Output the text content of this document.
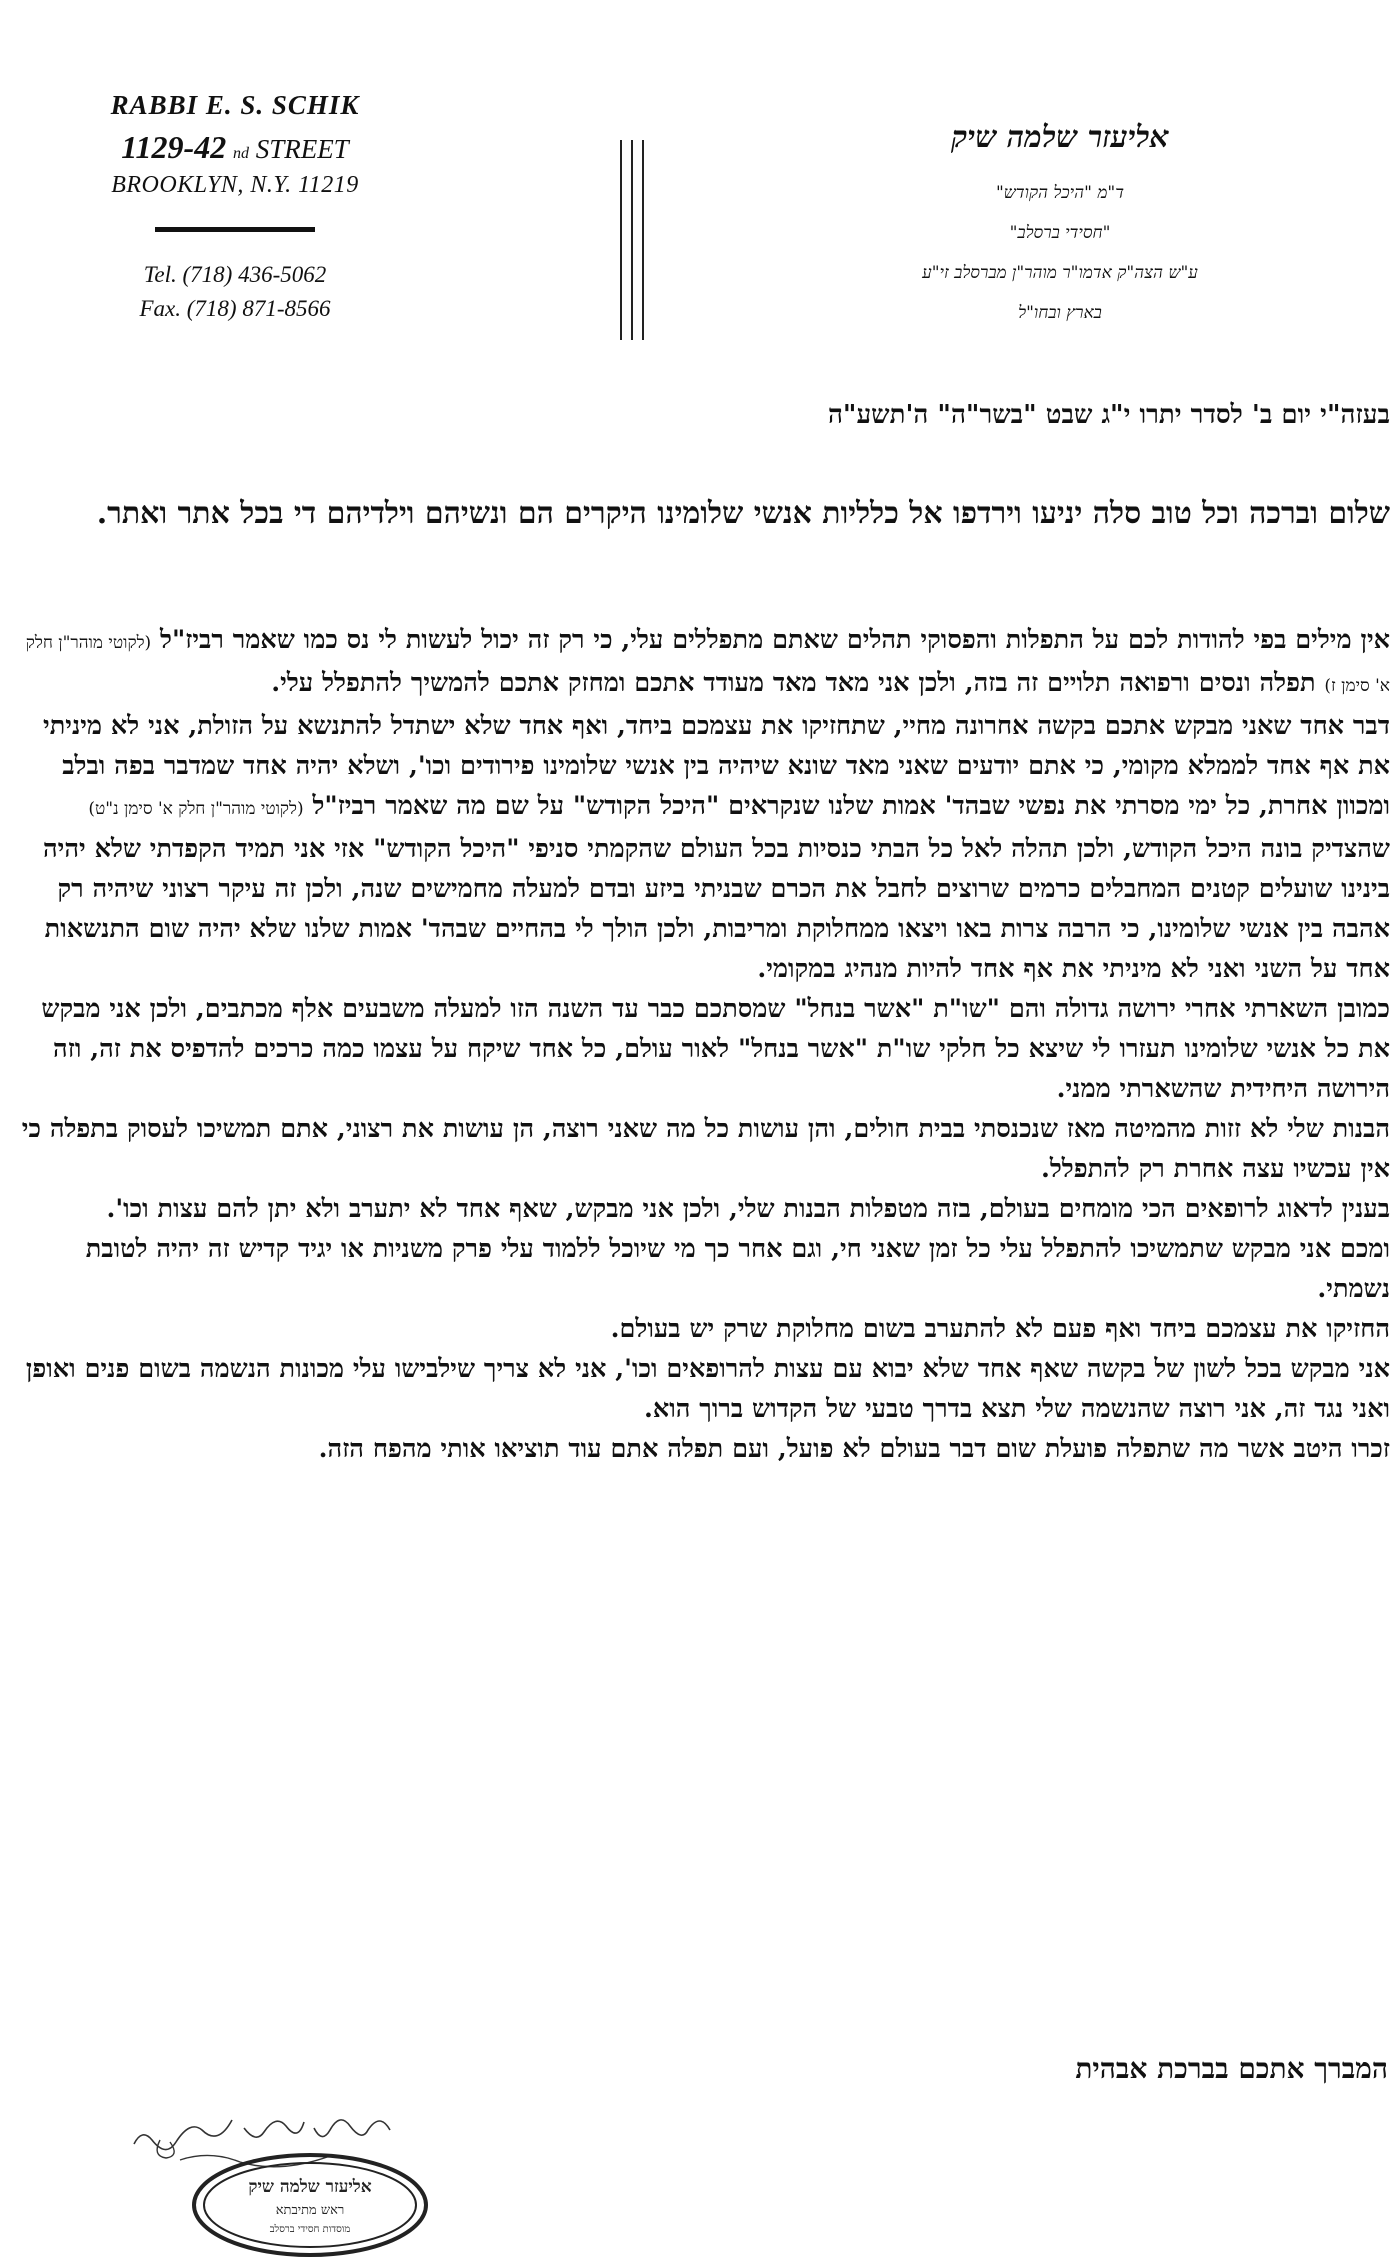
RABBI E. S. SCHIK
1129-42 nd STREET
BROOKLYN, N.Y. 11219
Tel. (718) 436-5062
Fax. (718) 871-8566
אליעזר שלמה שיק
ד"מ "היכל הקודש"
"חסידי ברסלב"
ע"ש הצה"ק אדמו"ר מוהר"ן מברסלב זי"ע
בארץ ובחו"ל
בעזה"י יום ב' לסדר יתרו י"ג שבט "בשר"ה" ה'תשע"ה
שלום וברכה וכל טוב סלה יניעו וירדפו אל כלליות אנשי שלומינו היקרים הם ונשיהם וילדיהם די בכל אתר ואתר.

אין מילים בפי להודות לכם על התפלות והפסוקי תהלים שאתם מתפללים עלי, כי רק זה יכול לעשות לי נס כמו שאמר רביז"ל (לקוטי מוהר"ן חלק א' סימן ז) תפלה ונסים ורפואה תלויים זה בזה, ולכן אני מאד מאד מעודד אתכם ומחזק אתכם להמשיך להתפלל עלי.

דבר אחד שאני מבקש אתכם בקשה אחרונה מחיי, שתחזיקו את עצמכם ביחד, ואף אחד שלא ישתדל להתנשא על הזולת, אני לא מיניתי את אף אחד לממלא מקומי, כי אתם יודעים שאני מאד שונא שיהיה בין אנשי שלומינו פירודים וכו', ושלא יהיה אחד שמדבר בפה ובלב ומכוון אחרת, כל ימי מסרתי את נפשי שבהד' אמות שלנו שנקראים "היכל הקודש" על שם מה שאמר רביז"ל (לקוטי מוהר"ן חלק א' סימן נ"ט) שהצדיק בונה היכל הקודש, ולכן תהלה לאל כל הבתי כנסיות בכל העולם שהקמתי סניפי "היכל הקודש" אזי אני תמיד הקפדתי שלא יהיה בינינו שועלים קטנים המחבלים כרמים שרוצים לחבל את הכרם שבניתי ביזע ובדם למעלה מחמישים שנה, ולכן זה עיקר רצוני שיהיה רק אהבה בין אנשי שלומינו, כי הרבה צרות באו ויצאו ממחלוקת ומריבות, ולכן הולך לי בהחיים שבהד' אמות שלנו שלא יהיה שום התנשאות אחד על השני ואני לא מיניתי את אף אחד להיות מנהיג במקומי.

כמובן השארתי אחרי ירושה גדולה והם "שו"ת "אשר בנחל" שמסתכם כבר עד השנה הזו למעלה משבעים אלף מכתבים, ולכן אני מבקש את כל אנשי שלומינו תעזרו לי שיצא כל חלקי שו"ת "אשר בנחל" לאור עולם, כל אחד שיקח על עצמו כמה כרכים להדפיס את זה, וזה הירושה היחידית שהשארתי ממני.

הבנות שלי לא זזות מהמיטה מאז שנכנסתי בבית חולים, והן עושות כל מה שאני רוצה, הן עושות את רצוני, אתם תמשיכו לעסוק בתפלה כי אין עכשיו עצה אחרת רק להתפלל.

בענין לדאוג לרופאים הכי מומחים בעולם, בזה מטפלות הבנות שלי, ולכן אני מבקש, שאף אחד לא יתערב ולא יתן להם עצות וכו'.

ומכם אני מבקש שתמשיכו להתפלל עלי כל זמן שאני חי, וגם אחר כך מי שיוכל ללמוד עלי פרק משניות או יגיד קדיש זה יהיה לטובת נשמתי.

החזיקו את עצמכם ביחד ואף פעם לא להתערב בשום מחלוקת שרק יש בעולם.

אני מבקש בכל לשון של בקשה שאף אחד שלא יבוא עם עצות להרופאים וכו', אני לא צריך שילבישו עלי מכונות הנשמה בשום פנים ואופן ואני נגד זה, אני רוצה שהנשמה שלי תצא בדרך טבעי של הקדוש ברוך הוא.

זכרו היטב אשר מה שתפלה פועלת שום דבר בעולם לא פועל, ועם תפלה אתם עוד תוציאו אותי מהפח הזה.

המברך אתכם בברכת אבהית
אליעזר שלמה שיק
ראש מתיבתא
מוסדות חסידי ברסלב
